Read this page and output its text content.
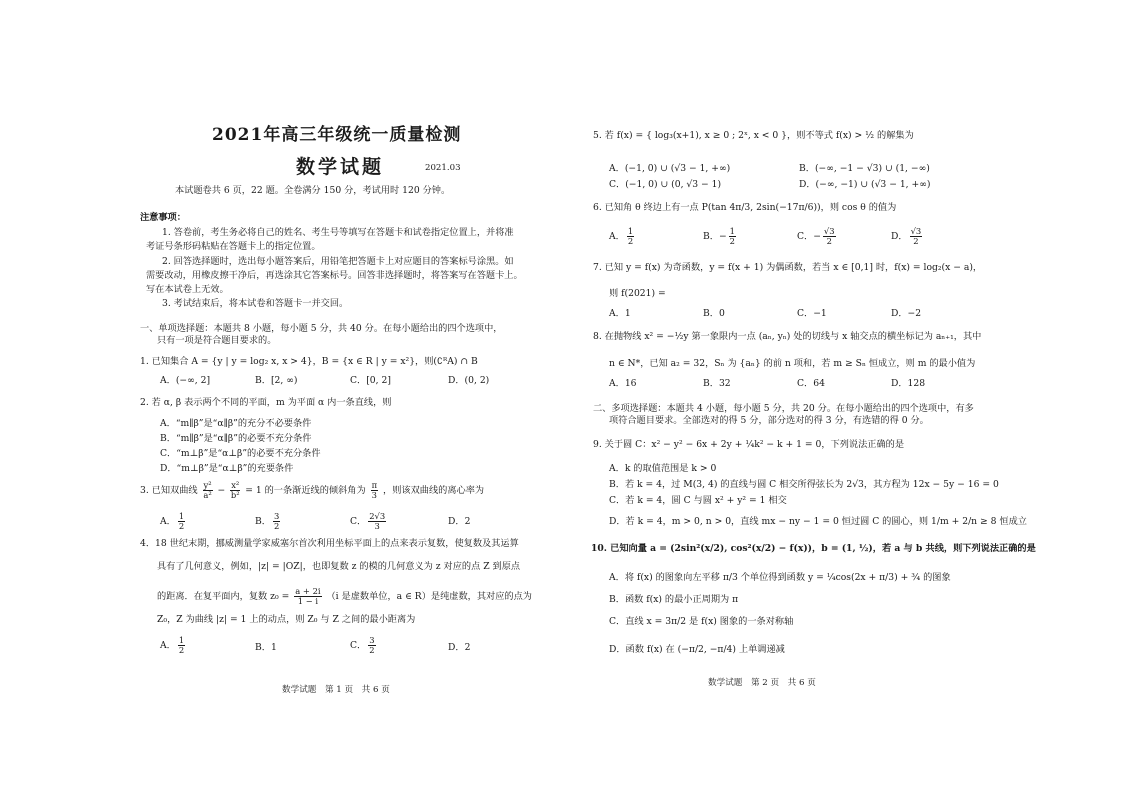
2021年高三年级统一质量检测
数学试题	2021.03
本试题卷共 6 页，22 题。全卷满分 150 分，考试用时 120 分钟。
注意事项：
1. 答卷前，考生务必将自己的姓名、考生号等填写在答题卡和试卷指定位置上，并将准
考证号条形码粘贴在答题卡上的指定位置。
2. 回答选择题时，选出每小题答案后，用铅笔把答题卡上对应题目的答案标号涂黑。如
需要改动，用橡皮擦干净后，再选涂其它答案标号。回答非选择题时，将答案写在答题卡上。
写在本试卷上无效。
3. 考试结束后，将本试卷和答题卡一并交回。
一、单项选择题：本题共 8 小题，每小题 5 分，共 40 分。在每小题给出的四个选项中，
只有一项是符合题目要求的。
1. 已知集合 A = {y | y = log₂ x, x > 4}，B = {x ∈ R | y = x²}，则(∁ᴿA) ∩ B
A．(−∞, 2]	B．[2, ∞)	C．[0, 2]	D．(0, 2)
2. 若 α, β 表示两个不同的平面，m 为平面 α 内一条直线，则
A．“m∥β”是“α∥β”的充分不必要条件
B．“m∥β”是“α∥β”的必要不充分条件
C．“m⊥β”是“α⊥β”的必要不充分条件
D．“m⊥β”是“α⊥β”的充要条件
3. 已知双曲线 $\frac{\text{y²}}{\text{a²}} - \frac{\text{x²}}{\text{b²}} = 1$ 的一条渐近线的倾斜角为 $\frac{\pi}{3}$ ，则该双曲线的离心率为
A． $\frac{1}{2}$	B． $\frac{3}{2}$	C． $\frac{2√3}{3}$	D．2
4．18 世纪末期，挪威测量学家威塞尔首次利用坐标平面上的点来表示复数，使复数及其运算
具有了几何意义，例如，|z| = |OZ|，也即复数 z 的模的几何意义为 z 对应的点 Z 到原点
的距离．在复平面内，复数 $z_0 = \frac{a + 2i}{1 - i} (i$ 是虚数单位，a ∈ R）是纯虚数，其对应的点为
Z₀，Z 为曲线 |z| = 1 上的动点，则 Z₀ 与 Z 之间的最小距离为
A． $\frac{1}{2}$	B．1	C． $\frac{3}{2}$	D．2
数学试题　第 1 页　共 6 页
5. 若 f(x) = { log₃(x+1), x ≥ 0 ; 2ˣ, x < 0 }，则不等式 f(x) > ½ 的解集为
A．(−1, 0) ∪ (√3 − 1, +∞)	B．(−∞, −1 − √3) ∪ (1, −∞)
C．(−1, 0) ∪ (0, √3 − 1)	D．(−∞, −1) ∪ (√3 − 1, +∞)
6. 已知角 θ 终边上有一点 P(tan 4π/3, 2sin(−17π/6))，则 cos θ 的值为
A． $\frac{1}{2}$	B．− $\frac{1}{2}$	C．− $\frac{√3}{2}$	D． $\frac{√3}{2}$
7. 已知 y = f(x) 为奇函数，y = f(x + 1) 为偶函数，若当 x ∈ [0,1] 时，f(x) = log₂(x − a)，
则 f(2021) =
A．1	B．0	C．−1	D．−2
8. 在抛物线 x² = −½y 第一象限内一点 (aₙ, yₙ) 处的切线与 x 轴交点的横坐标记为 aₙ₊₁，其中
n ∈ N*，已知 a₂ = 32，Sₙ 为 {aₙ} 的前 n 项和，若 m ≥ Sₙ 恒成立，则 m 的最小值为
A．16	B．32	C．64	D．128
二、多项选择题：本题共 4 小题，每小题 5 分，共 20 分。在每小题给出的四个选项中，有多
项符合题目要求。全部选对的得 5 分，部分选对的得 3 分，有选错的得 0 分。
9. 关于圆 C：x² − y² − 6x + 2y + ¼k² − k + 1 = 0，下列说法正确的是
A．k 的取值范围是 k > 0
B．若 k = 4，过 M(3, 4) 的直线与圆 C 相交所得弦长为 2√3，其方程为 12x − 5y − 16 = 0
C．若 k = 4，圆 C 与圆 x² + y² = 1 相交
D．若 k = 4，m > 0, n > 0，直线 mx − ny − 1 = 0 恒过圆 C 的圆心，则 1/m + 2/n ≥ 8 恒成立
10. 已知向量 a = (2sin²(x/2), cos²(x/2) − f(x))，b = (1, ½)，若 a 与 b 共线，则下列说法正确的是
A．将 f(x) 的图象向左平移 π/3 个单位得到函数 y = ¼cos(2x + π/3) + ¾ 的图象
B．函数 f(x) 的最小正周期为 π
C．直线 x = 3π/2 是 f(x) 图象的一条对称轴
D．函数 f(x) 在 (−π/2, −π/4) 上单调递减
数学试题　第 2 页　共 6 页
